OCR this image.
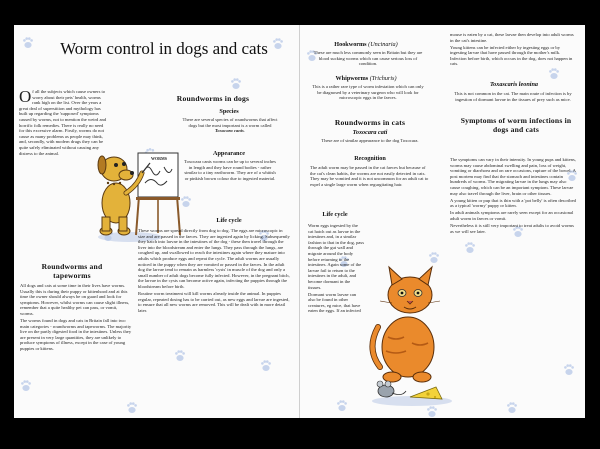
Worm control in dogs and cats
Of all the subjects which cause owners to worry about their pets' health, worms rank high on the list. Over the years a great deal of superstition and mythology has built up regarding the 'supposed' symptoms caused by worms, not to mention the weird and horrific folk remedies. There is really no need for this excessive alarm. Firstly, worms do not cause as many problems as people may think, and, secondly, with modern drugs they can be quite safely eliminated without causing any distress to the animal.
WORMS
Roundworms and tapeworms

All dogs and cats at some time in their lives have worms. Usually this is during their puppy or kittenhood and at this time the owner should always be on guard and look for symptoms. However, whilst worms can cause slight illness, remember that a quite healthy pet can pass, or vomit, worms.

The worms found in dogs and cats in Britain fall into two main categories - roundworms and tapeworms. The majority live on the partly digested food in the intestines. Unless they are present in very large quantities, they are unlikely to produce symptoms of illness, except in the case of young puppies or kittens.

Roundworms in dogs
Species
There are several species of roundworms that affect dogs but the most important is a worm called Toxocara canis.
Appearance
Toxocara canis worms can be up to several inches in length and they have round bodies - rather similar to a tiny earthworm. They are of a whitish or pinkish brown colour due to ingested material.
Life cycle

These worms are spread directly from dog to dog. The eggs are microscopic in size and are passed in the faeces. They are ingested again by licking. Subsequently they hatch into larvae in the intestines of the dog - these then travel through the liver into the bloodstream and enter the lungs. They pass through the lungs, are coughed up, and swallowed to reach the intestines again where they mature into adults which produce eggs and repeat the cycle. The adult worms are usually noticed in the puppy when they are vomited or passed in the faeces. In the adult dog the larvae tend to remain as harmless 'cysts' in muscle of the dog and only a small number of adult dogs become fully infected. However, in the pregnant bitch, the larvae in the cysts can become active again, infecting the puppies through the bloodstream before birth.

Routine worm treatment will kill worms already inside the animal. In puppies regular, repeated dosing has to be carried out, as new eggs and larvae are ingested, to ensure that all new worms are removed. This will be dealt with in more detail later.

Hookworms (Uncinaria)
These are much less commonly seen in Britain but they are blood sucking worms which can cause serious loss of condition.
Whipworms (Trichuris)
This is a rather rare type of worm infestation which can only be diagnosed by a veterinary surgeon who will look for microscopic eggs in the faeces.
Roundworms in cats
Toxocara cati
These are of similar appearance to the dog Toxocara.
Recognition
The adult worm may be passed in the cat faeces but because of the cat's clean habits, the worms are not easily detected in cats. They may be vomited and it is not uncommon for an adult cat to expel a single large worm when regurgitating hair.
Life cycle

Worm eggs ingested by the cat hatch out as larvae in the intestines and, in a similar fashion to that in the dog, pass through the gut wall and migrate around the body before returning to the intestines. Again some of the larvae fail to return to the intestines in the adult, and become dormant in the tissues.

Dormant worm larvae can also be found in other creatures, eg mice, that have eaten the eggs. If an infected

mouse is eaten by a cat, these larvae then develop into adult worms in the cat's intestine.

Young kittens can be infected either by ingesting eggs or by ingesting larvae that have passed through the mother's milk. Infection before birth, which occurs in the dog, does not happen in cats.

Toxascaris leonina
This is not common in the cat. The main route of infection is by ingestion of dormant larvae in the tissues of prey such as mice.
Symptoms of worm infections in dogs and cats

The symptoms can vary in their intensity. In young pups and kittens, worms may cause abdominal swelling and pain, loss of weight, vomiting or diarrhoea and on rare occasions, rupture of the bowel. A post mortem may find that the stomach and intestines contain hundreds of worms. The migrating larvae in the lungs may also cause coughing, which can be an important symptom. These larvae may also travel through the liver, brain or other tissues.

A young kitten or pup that is thin with a 'pot belly' is often described as a typical 'wormy' puppy or kitten.

In adult animals symptoms are rarely seen except for an occasional adult worm in faeces or vomit.

Nevertheless it is still very important to treat adults to avoid worms as we will see later.
